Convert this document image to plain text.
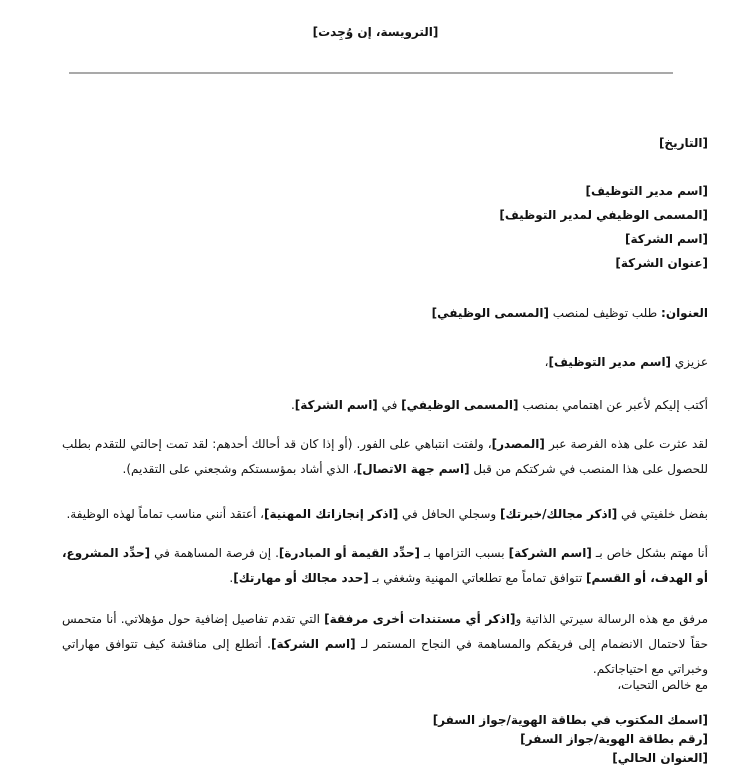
[الترويسة، إن وُجِدت]
[التاريخ]
[اسم مدير التوظيف]
[المسمى الوظيفي لمدير التوظيف]
[اسم الشركة]
[عنوان الشركة]
العنوان: طلب توظيف لمنصب [المسمى الوظيفي]
عزيزي [اسم مدير التوظيف]،
أكتب إليكم لأعبر عن اهتمامي بمنصب [المسمى الوظيفي] في [اسم الشركة].
لقد عثرت على هذه الفرصة عبر [المصدر]، ولفتت انتباهي على الفور. (أو إذا كان قد أحالك أحدهم: لقد تمت إحالتي للتقدم بطلب للحصول على هذا المنصب في شركتكم من قبل [اسم جهة الاتصال]، الذي أشاد بمؤسستكم وشجعني على التقديم).
بفضل خلفيتي في [اذكر مجالك/خبرتك] وسجلي الحافل في [اذكر إنجازاتك المهنية]، أعتقد أنني مناسب تماماً لهذه الوظيفة.
أنا مهتم بشكل خاص بـ [اسم الشركة] بسبب التزامها بـ [حدِّد القيمة أو المبادرة]. إن فرصة المساهمة في [حدِّد المشروع، أو الهدف، أو القسم] تتوافق تماماً مع تطلعاتي المهنية وشغفي بـ [حدد مجالك أو مهارتك].
مرفق مع هذه الرسالة سيرتي الذاتية و[اذكر أي مستندات أخرى مرفقة] التي تقدم تفاصيل إضافية حول مؤهلاتي. أنا متحمس حقاً لاحتمال الانضمام إلى فريقكم والمساهمة في النجاح المستمر لـ [اسم الشركة]. أتطلع إلى مناقشة كيف تتوافق مهاراتي وخبراتي مع احتياجاتكم.
مع خالص التحيات،
[اسمك المكتوب في بطاقة الهوية/جواز السفر]
[رقم بطاقة الهوية/جواز السفر]
[العنوان الحالي]
